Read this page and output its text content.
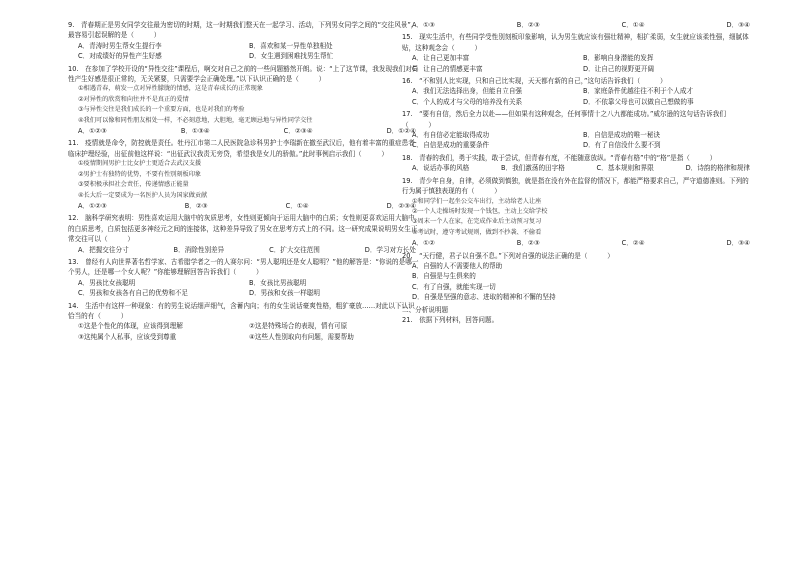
9.　青春期正是男女同学交往最为密切的时期，这一时期我们整天在一起学习、活动，下列男女同学之间的“交往风景”，最容易引起误解的是（　　　）
A．青涛时男生帮女生提行李	B．喜欢和某一异性单独相处
C．对成绩好的异性产生好感	D．女生遇到困难找男生帮忙
10.　在参加了学校开设的“异性交往”课程后，啊交对自己之前的一些问题豁然开朗。说：“上了这节课，我发现我们对异性产生好感是很正常的，无关紧要，只需要学会正确处理。”以下认识正确的是（　　　）
①相遇青春，萌发一点对异性朦胧的情感，这是青春成长的正常现象
②对异性的欣赏和向往并不是真正的爱情
③与异性交往是我们成长的一个重要方面，也是对我们的考验
④我们可以像和同性朋友相处一样，不必刻意地，大胆地，毫无顾忌地与异性同学交往
A．①②③	B．①③④	C．②③④	D．①②④
11.　疫情就是命令，防控就是责任。牡丹江市第二人民医院急诊科男护士李瑞新在撤至武汉后，他有着丰富的重症患者临床护理经验，出征前他这样说：“出征武汉我责无旁贷，希望我是女儿的骄傲。”此时事例启示我们（　　　）
①疫情期间男护士比女护士更适合去武汉支援
②男护士有独特的优势，不要有性别刻板印象
③要积极承担社会责任，传递情感正能量
④长大后一定要成为一名医护人员为国家做贡献
A．①②③	B．②③	C．①④	D．②③④
12.　脑科学研究表明：男性喜欢运用大脑中的灰质思考，女性则更倾向于运用大脑中的白质；女性则更喜欢运用大脑中的白质思考，白质包括更多神经元之间的连接体，这种差异导致了男女在思考方式上的不同。这一研究成果说明男女生正常交往可以（　　　）
A．把握交往分寸	B．消除性别差异	C．扩大交往范围	D．学习对方长处
13.　曾经有人向世界著名哲学家、古希腊学者之一的人赛尔问：“男人聪明还是女人聪明？”他的解答是：“你说的是哪一个男人，还是哪一个女人呢？”你能够理解回答告诉我们（　　　）
A．男孩比女孩聪明	B．女孩比男孩聪明
C．男孩和女孩各有自己的优势和不足	D．男孩和女孩一样聪明
14.　生活中有这样一种现象：有的男生说话细声细气，含蓄内向；有的女生说话豪爽性格，粗犷豪放……对此以下认识恰当的有（　　　）
①这是个性化的体现，应该得到理解	②这是特殊场合的表现，情有可原
③这纯属个人私事，应该受到尊重	④这些人性别取向有问题，需要帮助
A．①③	B．②③	C．①④	D．③④
15.　现实生活中，有些同学受性别刻板印象影响，认为男生就应该有强壮精神，相扩柔弱，女生就应该柔性强，细腻体贴，这种观念会（　　　）
A．让自己更加丰富	B．影响自身潜能的发挥
C．让自己的情感更丰富	D．让自己的视野更开阔
16.　“不和别人比实现，只和自己比实现，天天都有新的自己，”这句话告诉我们（　　　）
A．我们无法选择出身，但能自立自强	B．家庭条件优越往往不利于个人成才
C．个人的成才与父母的培养没有关系	D．不依靠父母也可以做自己想做的事
17.　“要有自信，然后全力以赴——但如果有这种观念，任何事情十之八九都能成功。”威尔逊的这句话告诉我们（　　　）
A．有自信必定能取得成功	B．自信是成功的唯一秘诀
C．自信是成功的重要条件	D．有了自信没什么要不到
18.　青春的我们，勇于实践，敢于尝试，但青春有度，不能随意放纵。“青春有格”中的“格”是指（　　　）
A．说话办事的风格	B．我们激荡的田字格	C．基本规则和界限	D．诗韵的格律和规律
19.　青少年自身，自律，必须做到慎独，就是指在没有外在监督的情况下，都能严格要求自己，严守道德准则。下列的行为属于慎独表现的有（　　　）
①和同学们一起坐公交车出行，主动给老人让座
②一个人走操场时发现一个钱包，主动上交给学校
③周末一个人在家，在完成作业后主动预习复习
④考试时，遵守考试规则，做到不抄袭、不偷看
A．①②	B．②③	C．②④	D．③④
20.　“天行健，君子以自强不息。”下列对自强的说法正确的是（　　　）
A．自强的人不需要他人的帮助
B．自强是与生俱来的
C．有了自强，就能实现一切
D．自强是坚强的意志、进取的精神和不懈的坚持
二、分析说明题
21.　依据下列材料，回答问题。
